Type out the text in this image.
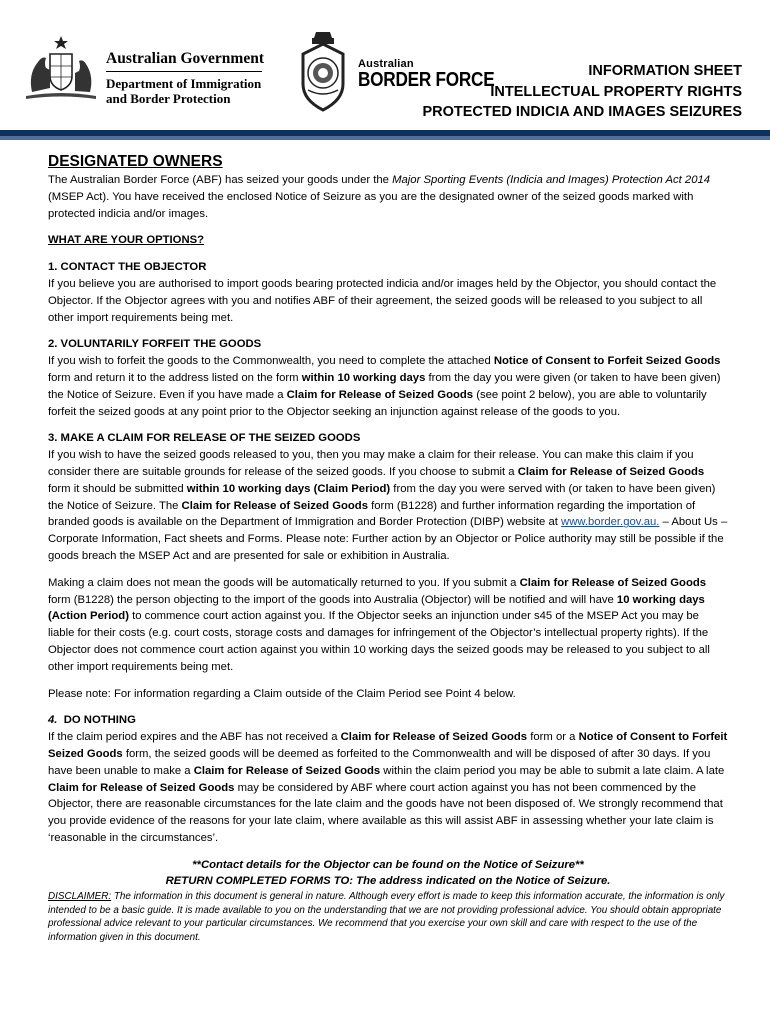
Australian Government
Department of Immigration
and Border Protection
Australian
BORDER FORCE	INFORMATION SHEET
INTELLECTUAL PROPERTY RIGHTS
PROTECTED INDICIA AND IMAGES SEIZURES
DESIGNATED OWNERS

The Australian Border Force (ABF) has seized your goods under the Major Sporting Events (Indicia and Images) Protection Act 2014 (MSEP Act). You have received the enclosed Notice of Seizure as you are the designated owner of the seized goods marked with protected indicia and/or images.

WHAT ARE YOUR OPTIONS?

1. CONTACT THE OBJECTOR

If you believe you are authorised to import goods bearing protected indicia and/or images held by the Objector, you should contact the Objector. If the Objector agrees with you and notifies ABF of their agreement, the seized goods will be released to you subject to all other import requirements being met.

2. VOLUNTARILY FORFEIT THE GOODS

If you wish to forfeit the goods to the Commonwealth, you need to complete the attached Notice of Consent to Forfeit Seized Goods form and return it to the address listed on the form within 10 working days from the day you were given (or taken to have been given) the Notice of Seizure. Even if you have made a Claim for Release of Seized Goods (see point 2 below), you are able to voluntarily forfeit the seized goods at any point prior to the Objector seeking an injunction against release of the goods to you.

3. MAKE A CLAIM FOR RELEASE OF THE SEIZED GOODS

If you wish to have the seized goods released to you, then you may make a claim for their release. You can make this claim if you consider there are suitable grounds for release of the seized goods. If you choose to submit a Claim for Release of Seized Goods form it should be submitted within 10 working days (Claim Period) from the day you were served with (or taken to have been given) the Notice of Seizure. The Claim for Release of Seized Goods form (B1228) and further information regarding the importation of branded goods is available on the Department of Immigration and Border Protection (DIBP) website at www.border.gov.au. – About Us – Corporate Information, Fact sheets and Forms. Please note: Further action by an Objector or Police authority may still be possible if the goods breach the MSEP Act and are presented for sale or exhibition in Australia.

Making a claim does not mean the goods will be automatically returned to you. If you submit a Claim for Release of Seized Goods form (B1228) the person objecting to the import of the goods into Australia (Objector) will be notified and will have 10 working days (Action Period) to commence court action against you. If the Objector seeks an injunction under s45 of the MSEP Act you may be liable for their costs (e.g. court costs, storage costs and damages for infringement of the Objector’s intellectual property rights). If the Objector does not commence court action against you within 10 working days the seized goods may be released to you subject to all other import requirements being met.

Please note: For information regarding a Claim outside of the Claim Period see Point 4 below.

4. DO NOTHING

If the claim period expires and the ABF has not received a Claim for Release of Seized Goods form or a Notice of Consent to Forfeit Seized Goods form, the seized goods will be deemed as forfeited to the Commonwealth and will be disposed of after 30 days. If you have been unable to make a Claim for Release of Seized Goods within the claim period you may be able to submit a late claim. A late Claim for Release of Seized Goods may be considered by ABF where court action against you has not been commenced by the Objector, there are reasonable circumstances for the late claim and the goods have not been disposed of. We strongly recommend that you provide evidence of the reasons for your late claim, where available as this will assist ABF in assessing whether your late claim is ‘reasonable in the circumstances’.

**Contact details for the Objector can be found on the Notice of Seizure**

RETURN COMPLETED FORMS TO: The address indicated on the Notice of Seizure.

DISCLAIMER: The information in this document is general in nature. Although every effort is made to keep this information accurate, the information is only intended to be a basic guide. It is made available to you on the understanding that we are not providing professional advice. You should obtain appropriate professional advice relevant to your particular circumstances. We recommend that you exercise your own skill and care with respect to the use of the information given in this document.
